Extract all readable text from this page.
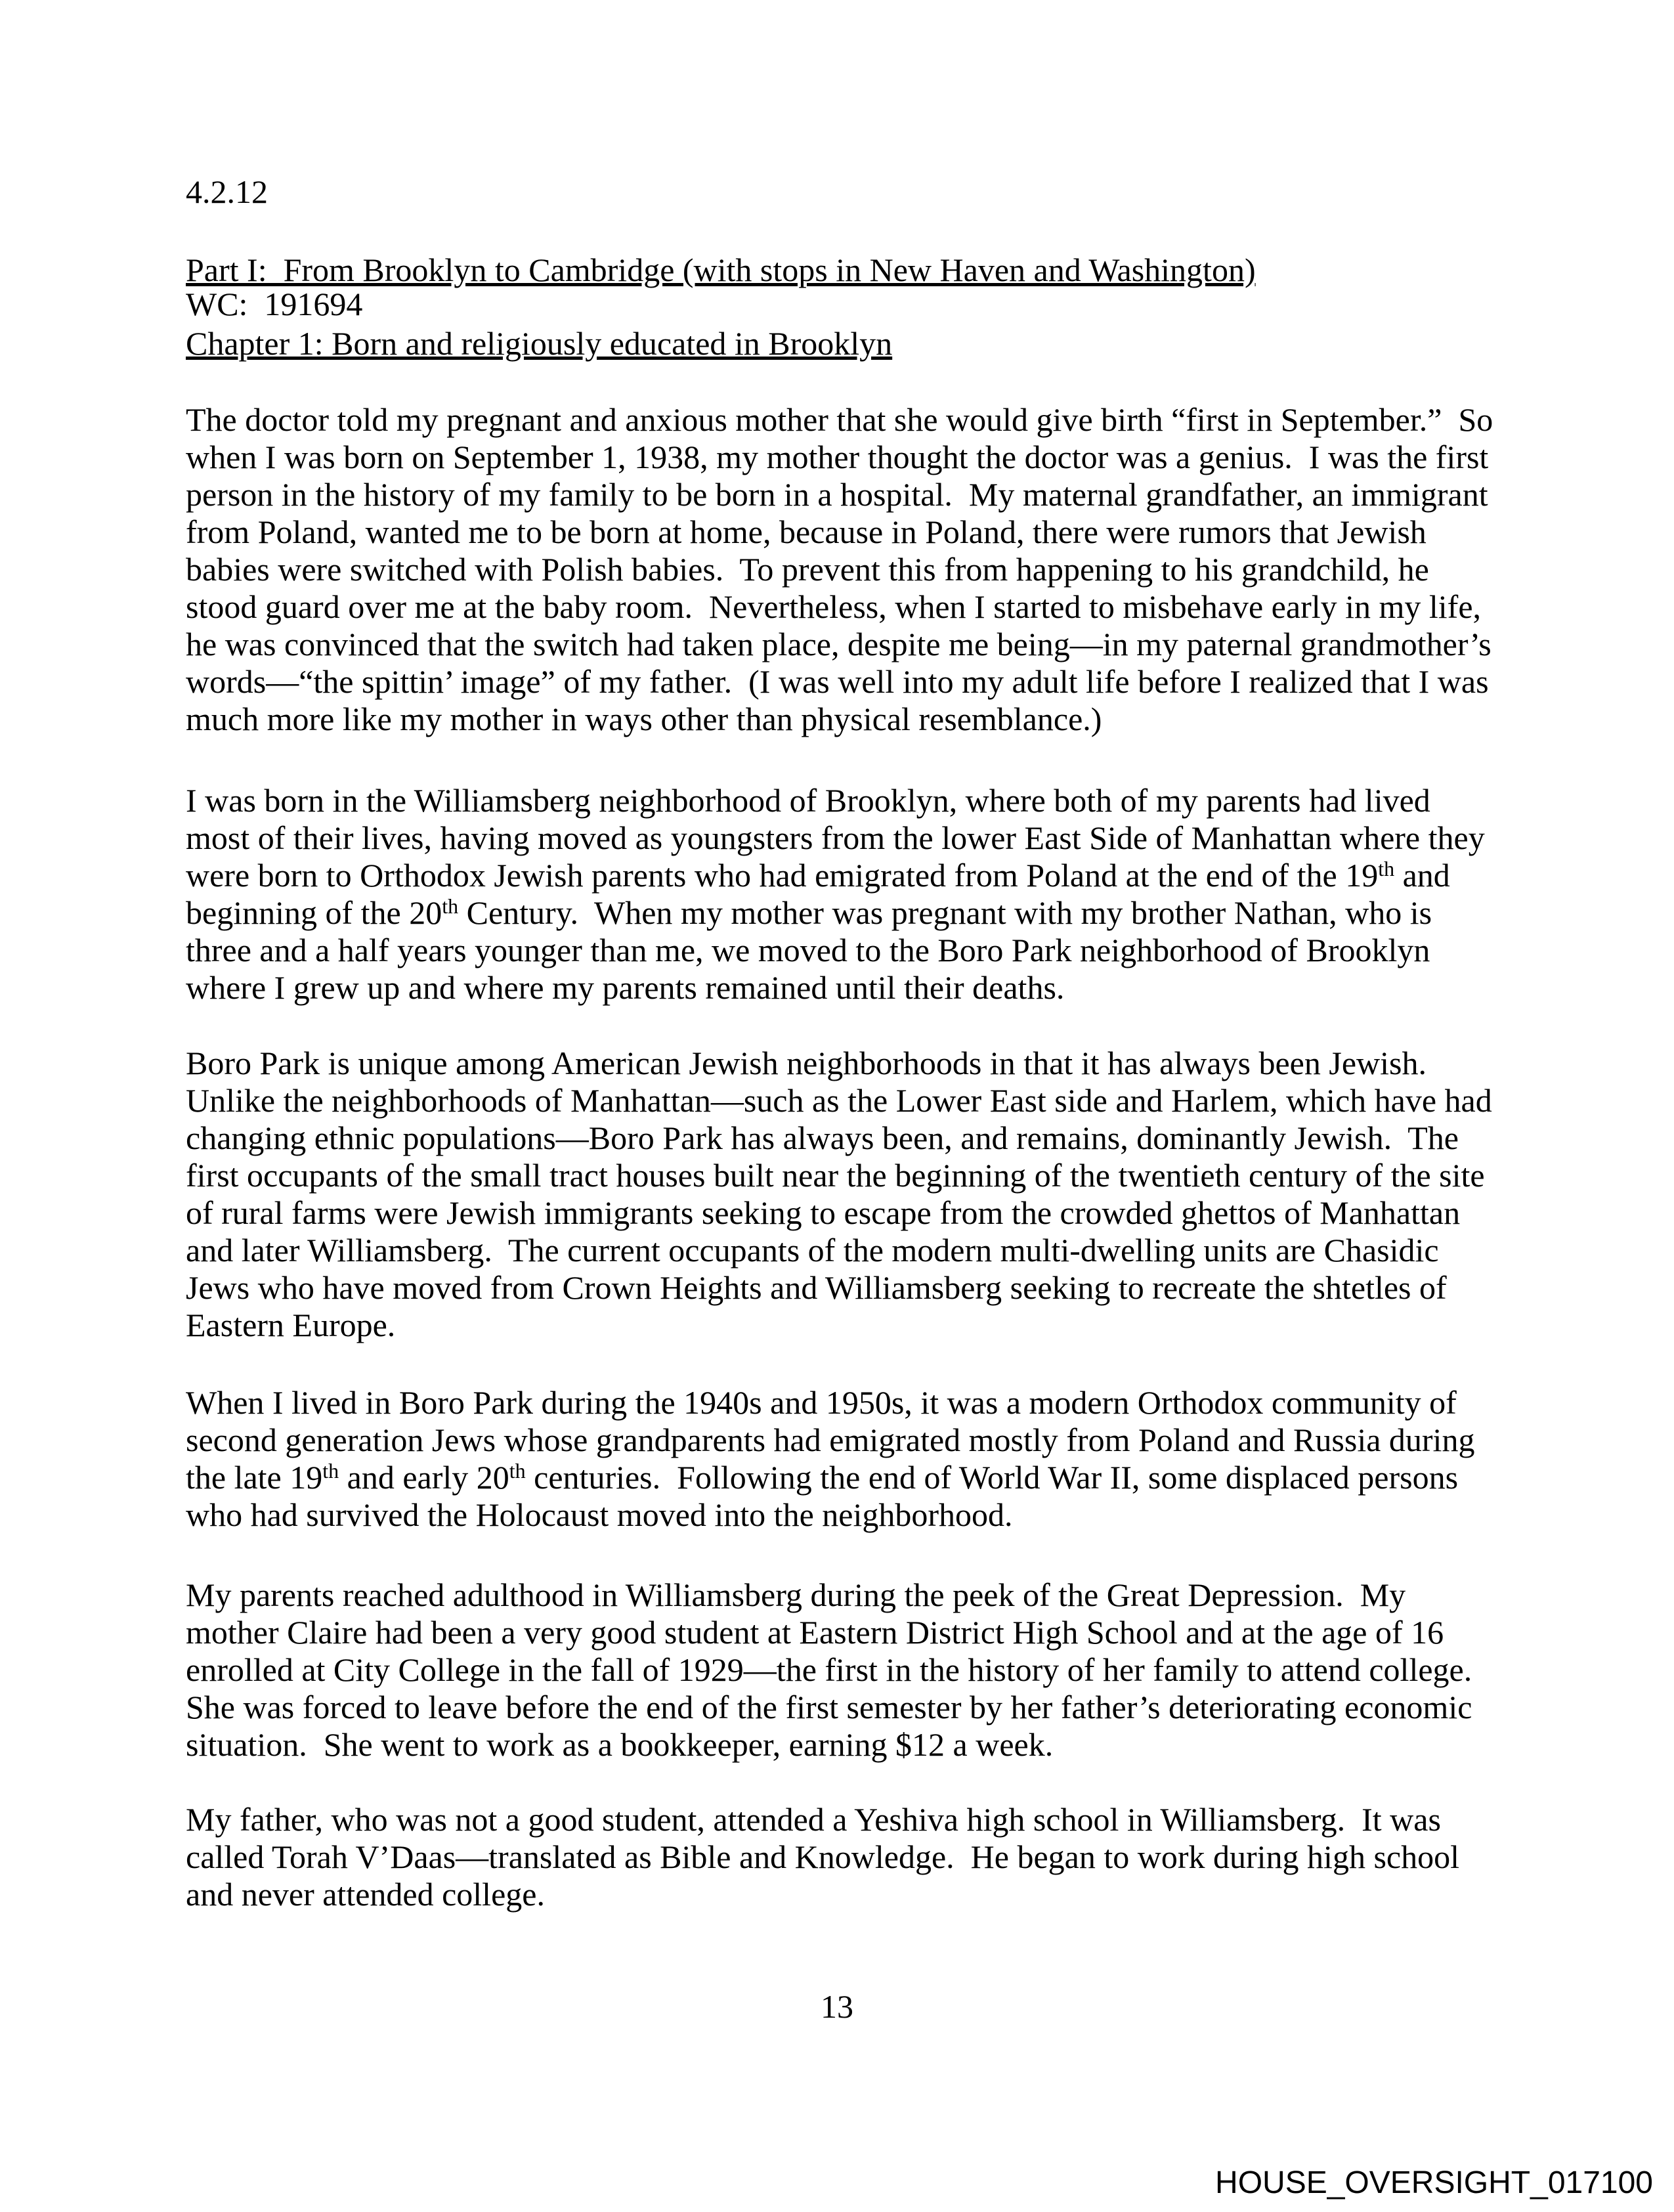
4.2.12

WC:  191694

Part I:  From Brooklyn to Cambridge (with stops in New Haven and Washington)
Chapter 1: Born and religiously educated in Brooklyn

The doctor told my pregnant and anxious mother that she would give birth “first in September.”  So when I was born on September 1, 1938, my mother thought the doctor was a genius.  I was the first person in the history of my family to be born in a hospital.  My maternal grandfather, an immigrant from Poland, wanted me to be born at home, because in Poland, there were rumors that Jewish babies were switched with Polish babies.  To prevent this from happening to his grandchild, he stood guard over me at the baby room.  Nevertheless, when I started to misbehave early in my life, he was convinced that the switch had taken place, despite me being—in my paternal grandmother’s words—“the spittin’ image” of my father.  (I was well into my adult life before I realized that I was much more like my mother in ways other than physical resemblance.)

I was born in the Williamsberg neighborhood of Brooklyn, where both of my parents had lived most of their lives, having moved as youngsters from the lower East Side of Manhattan where they were born to Orthodox Jewish parents who had emigrated from Poland at the end of the 19th and beginning of the 20th Century.  When my mother was pregnant with my brother Nathan, who is three and a half years younger than me, we moved to the Boro Park neighborhood of Brooklyn where I grew up and where my parents remained until their deaths.

Boro Park is unique among American Jewish neighborhoods in that it has always been Jewish.  Unlike the neighborhoods of Manhattan—such as the Lower East side and Harlem, which have had changing ethnic populations—Boro Park has always been, and remains, dominantly Jewish.  The first occupants of the small tract houses built near the beginning of the twentieth century of the site of rural farms were Jewish immigrants seeking to escape from the crowded ghettos of Manhattan and later Williamsberg.  The current occupants of the modern multi-dwelling units are Chasidic Jews who have moved from Crown Heights and Williamsberg seeking to recreate the shtetles of Eastern Europe.

When I lived in Boro Park during the 1940s and 1950s, it was a modern Orthodox community of second generation Jews whose grandparents had emigrated mostly from Poland and Russia during the late 19th and early 20th centuries.  Following the end of World War II, some displaced persons who had survived the Holocaust moved into the neighborhood.

My parents reached adulthood in Williamsberg during the peek of the Great Depression.  My mother Claire had been a very good student at Eastern District High School and at the age of 16 enrolled at City College in the fall of 1929—the first in the history of her family to attend college.  She was forced to leave before the end of the first semester by her father’s deteriorating economic situation.  She went to work as a bookkeeper, earning $12 a week.

My father, who was not a good student, attended a Yeshiva high school in Williamsberg.  It was called Torah V’Daas—translated as Bible and Knowledge.  He began to work during high school and never attended college.

13
HOUSE_OVERSIGHT_017100
